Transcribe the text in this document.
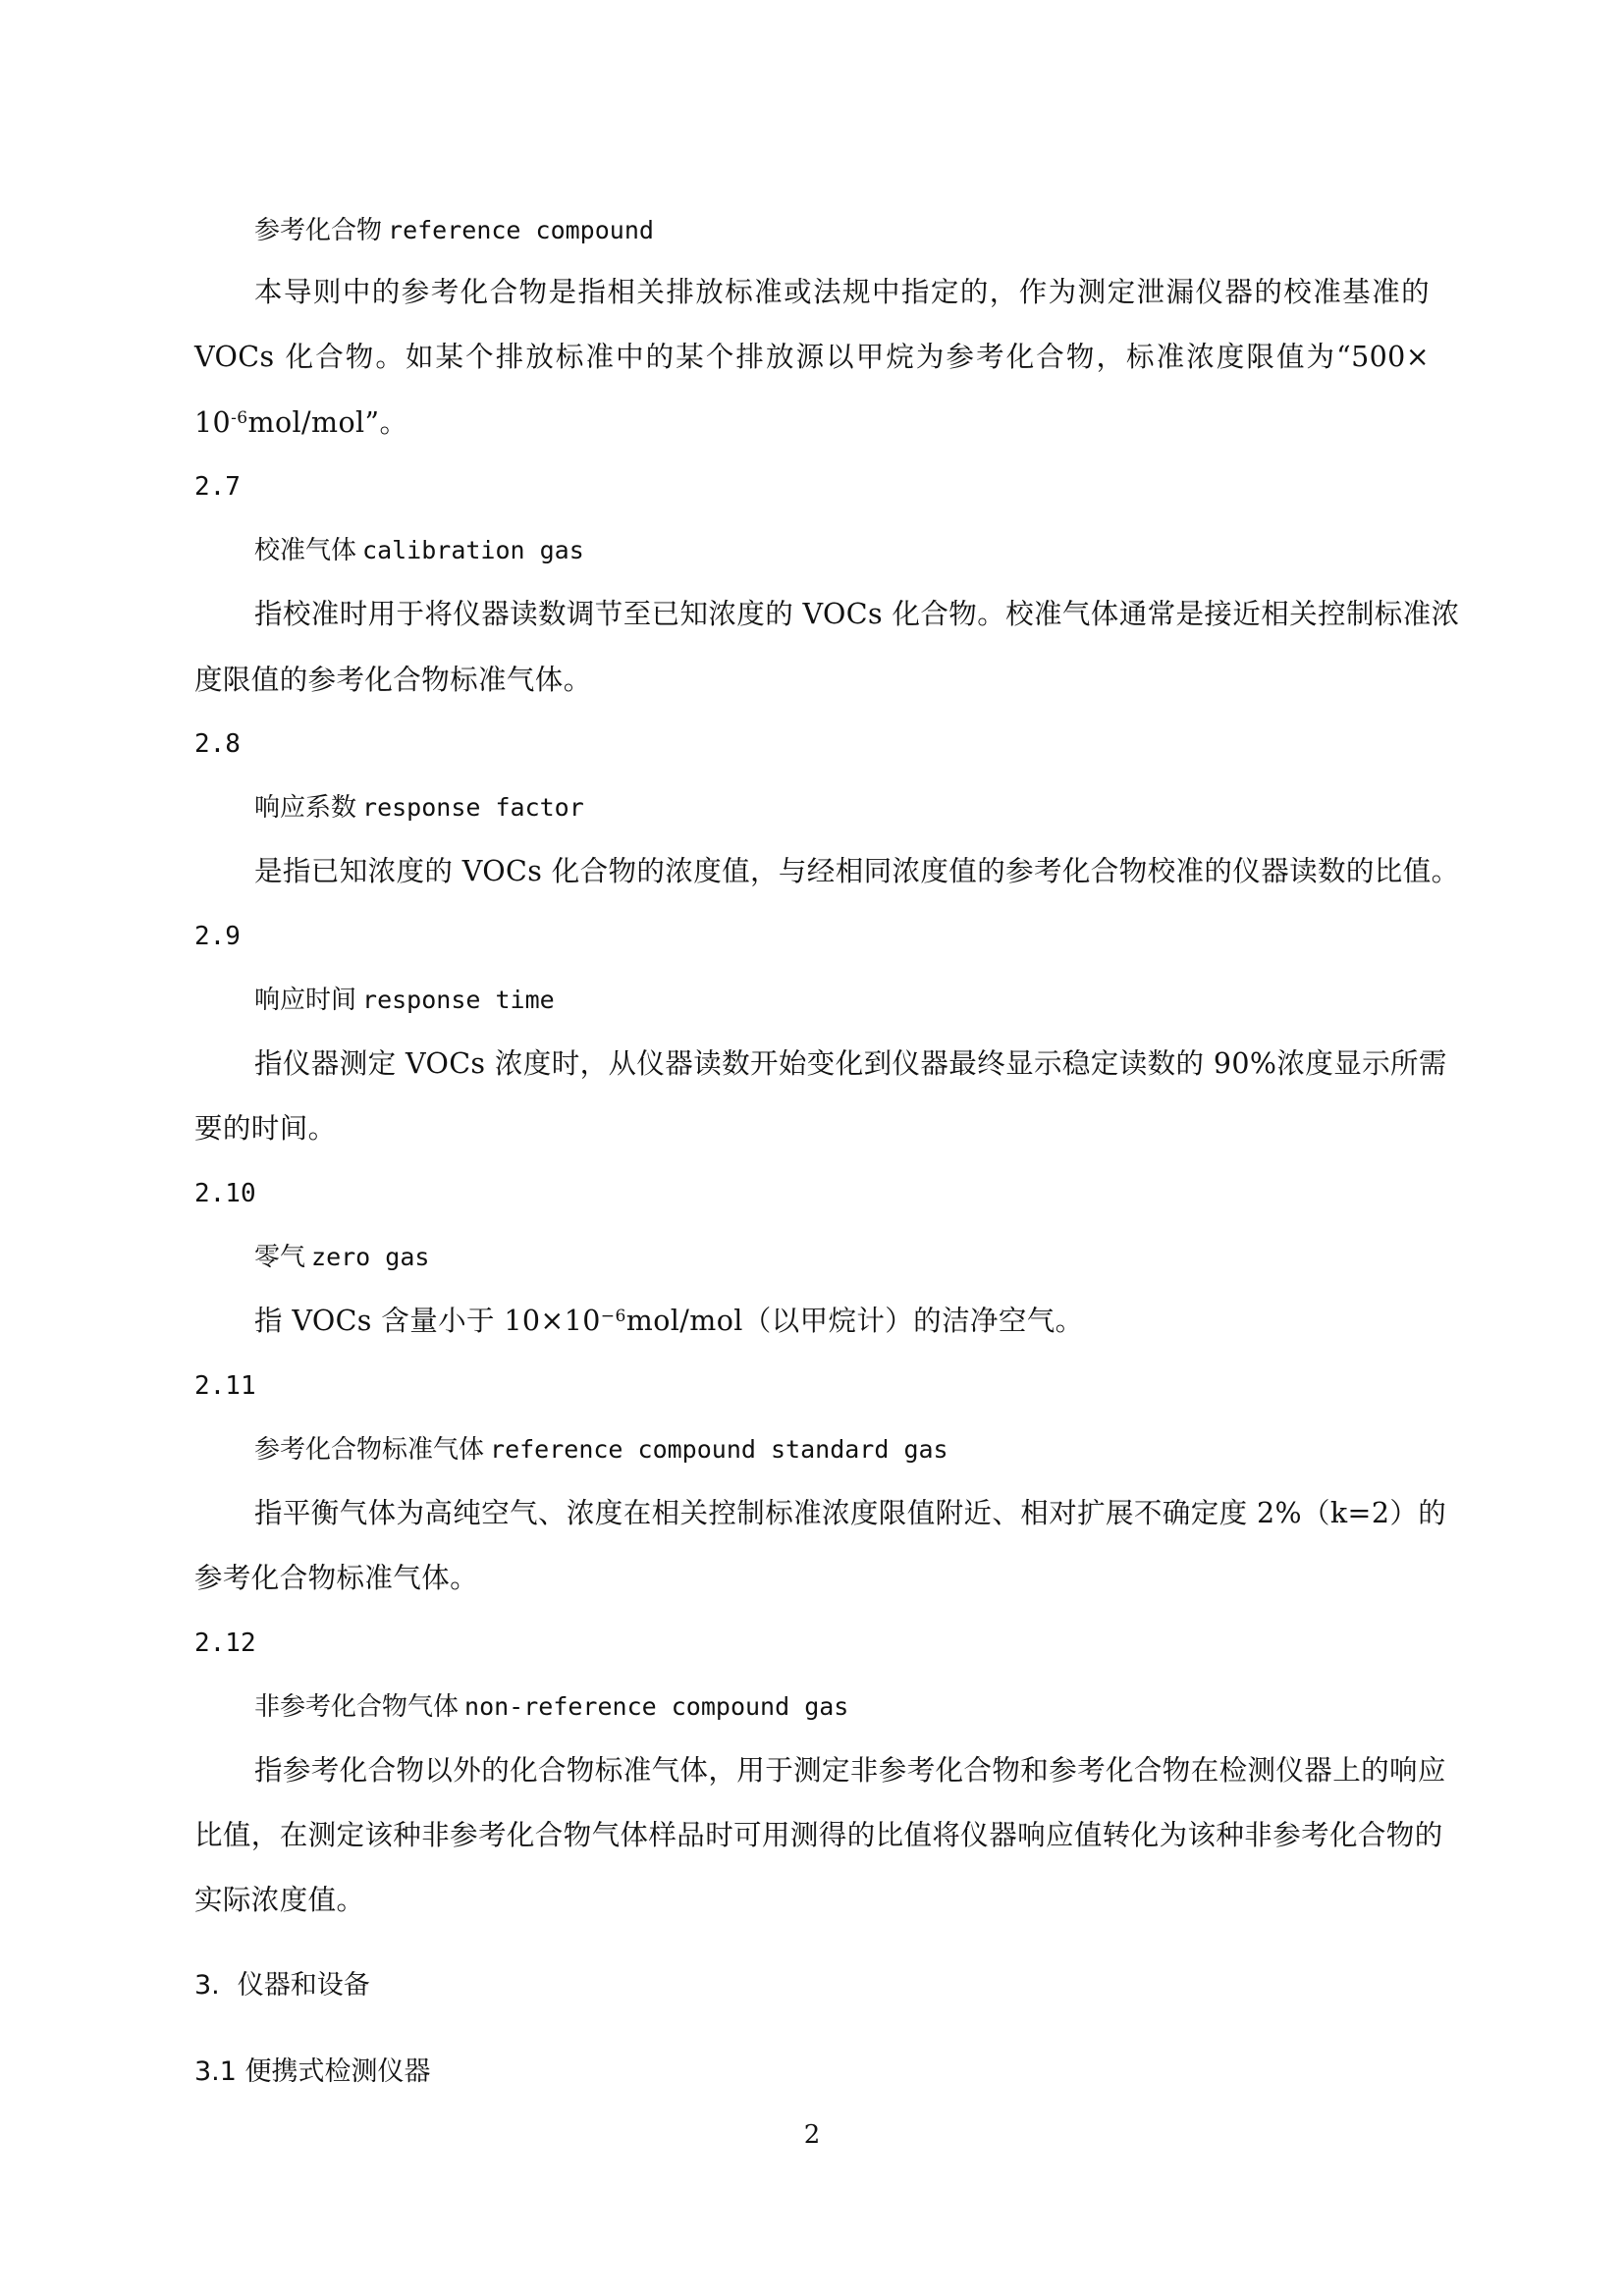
参考化合物 reference compound
本导则中的参考化合物是指相关排放标准或法规中指定的，作为测定泄漏仪器的校准基准的
VOCs 化合物。如某个排放标准中的某个排放源以甲烷为参考化合物，标准浓度限值为“500×
$10^{-6}mol$/mol”。
2.7
校准气体 calibration gas
指校准时用于将仪器读数调节至已知浓度的 VOCs 化合物。校准气体通常是接近相关控制标准浓
度限值的参考化合物标准气体。
2.8
响应系数 response factor
是指已知浓度的 VOCs 化合物的浓度值，与经相同浓度值的参考化合物校准的仪器读数的比值。
2.9
响应时间 response time
指仪器测定 VOCs 浓度时，从仪器读数开始变化到仪器最终显示稳定读数的 90%浓度显示所需
要的时间。
2.10
零气 zero gas
指 VOCs 含量小于 $10\times 10^{-6}mol/mol$（以甲烷计）的洁净空气。
2.11
参考化合物标准气体 reference compound standard gas
指平衡气体为高纯空气、浓度在相关控制标准浓度限值附近、相对扩展不确定度 2%（k=2）的
参考化合物标准气体。
2.12
非参考化合物气体 non-reference compound gas
指参考化合物以外的化合物标准气体，用于测定非参考化合物和参考化合物在检测仪器上的响应
比值，在测定该种非参考化合物气体样品时可用测得的比值将仪器响应值转化为该种非参考化合物的
实际浓度值。
3. 仪器和设备
3.1 便携式检测仪器
2
